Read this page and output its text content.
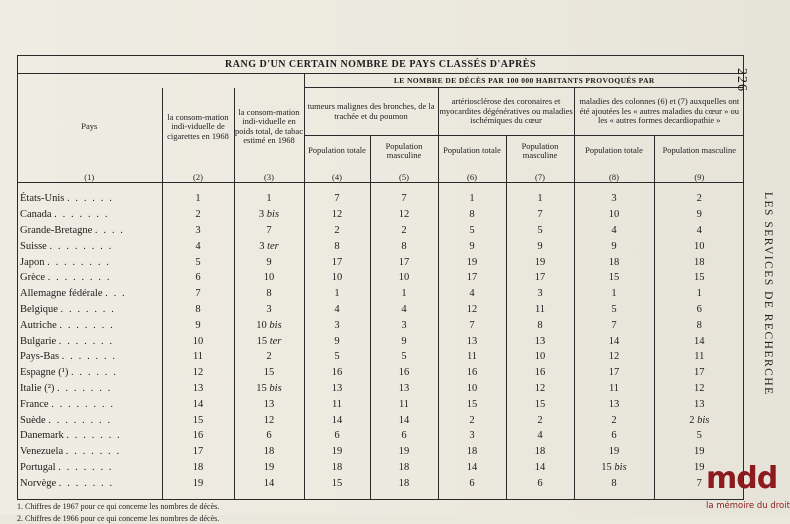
RANG D'UN CERTAIN NOMBRE DE PAYS CLASSÉS D'APRÈS								
			LE NOMBRE DE DÉCÈS PAR 100 000 HABITANTS PROVOQUÉS PAR					
Pays	la consom-mation indi-viduelle de cigarettes en 1968	la consom-mation indi-viduelle en poids total, de tabac estimé en 1968	tumeurs malignes des bronches, de la trachée et du poumon		artériosclérose des coronaires et myocardites dégénératives ou maladies ischémiques du cœur		maladies des colonnes (6) et (7) auxquelles ont été ajoutées les « autres maladies du cœur » ou les « autres formes decardiopathie »	
			Population totale	Population masculine	Population totale	Population masculine	Population totale	Population masculine
(1)	(2)	(3)	(4)	(5)	(6)	(7)	(8)	(9)

États-Unis . . . . . .	1	1	7	7	1	1	3	2
Canada . . . . . . .	2	3 bis	12	12	8	7	10	9
Grande-Bretagne . . . .	3	7	2	2	5	5	4	4
Suisse . . . . . . . .	4	3 ter	8	8	9	9	9	10
Japon . . . . . . . .	5	9	17	17	19	19	18	18
Grèce . . . . . . . .	6	10	10	10	17	17	15	15
Allemagne fédérale . . .	7	8	1	1	4	3	1	1
Belgique . . . . . . .	8	3	4	4	12	11	5	6
Autriche . . . . . . .	9	10 bis	3	3	7	8	7	8
Bulgarie . . . . . . .	10	15 ter	9	9	13	13	14	14
Pays-Bas . . . . . . .	11	2	5	5	11	10	12	11
Espagne (¹) . . . . . .	12	15	16	16	16	16	17	17
Italie (²) . . . . . . .	13	15 bis	13	13	10	12	11	12
France . . . . . . . .	14	13	11	11	15	15	13	13
Suède . . . . . . . .	15	12	14	14	2	2	2	2 bis
Danemark . . . . . . .	16	6	6	6	3	4	6	5
Venezuela . . . . . . .	17	18	19	19	18	18	19	19
Portugal . . . . . . .	18	19	18	18	14	14	15 bis	19
Norvège . . . . . . .	19	14	15	18	6	6	8	7

1. Chiffres de 1967 pour ce qui concerne les nombres de décès.								
2. Chiffres de 1966 pour ce qui concerne les nombres de décès.								
226
LES SERVICES DE RECHERCHE
mdd
la mémoire du droit
